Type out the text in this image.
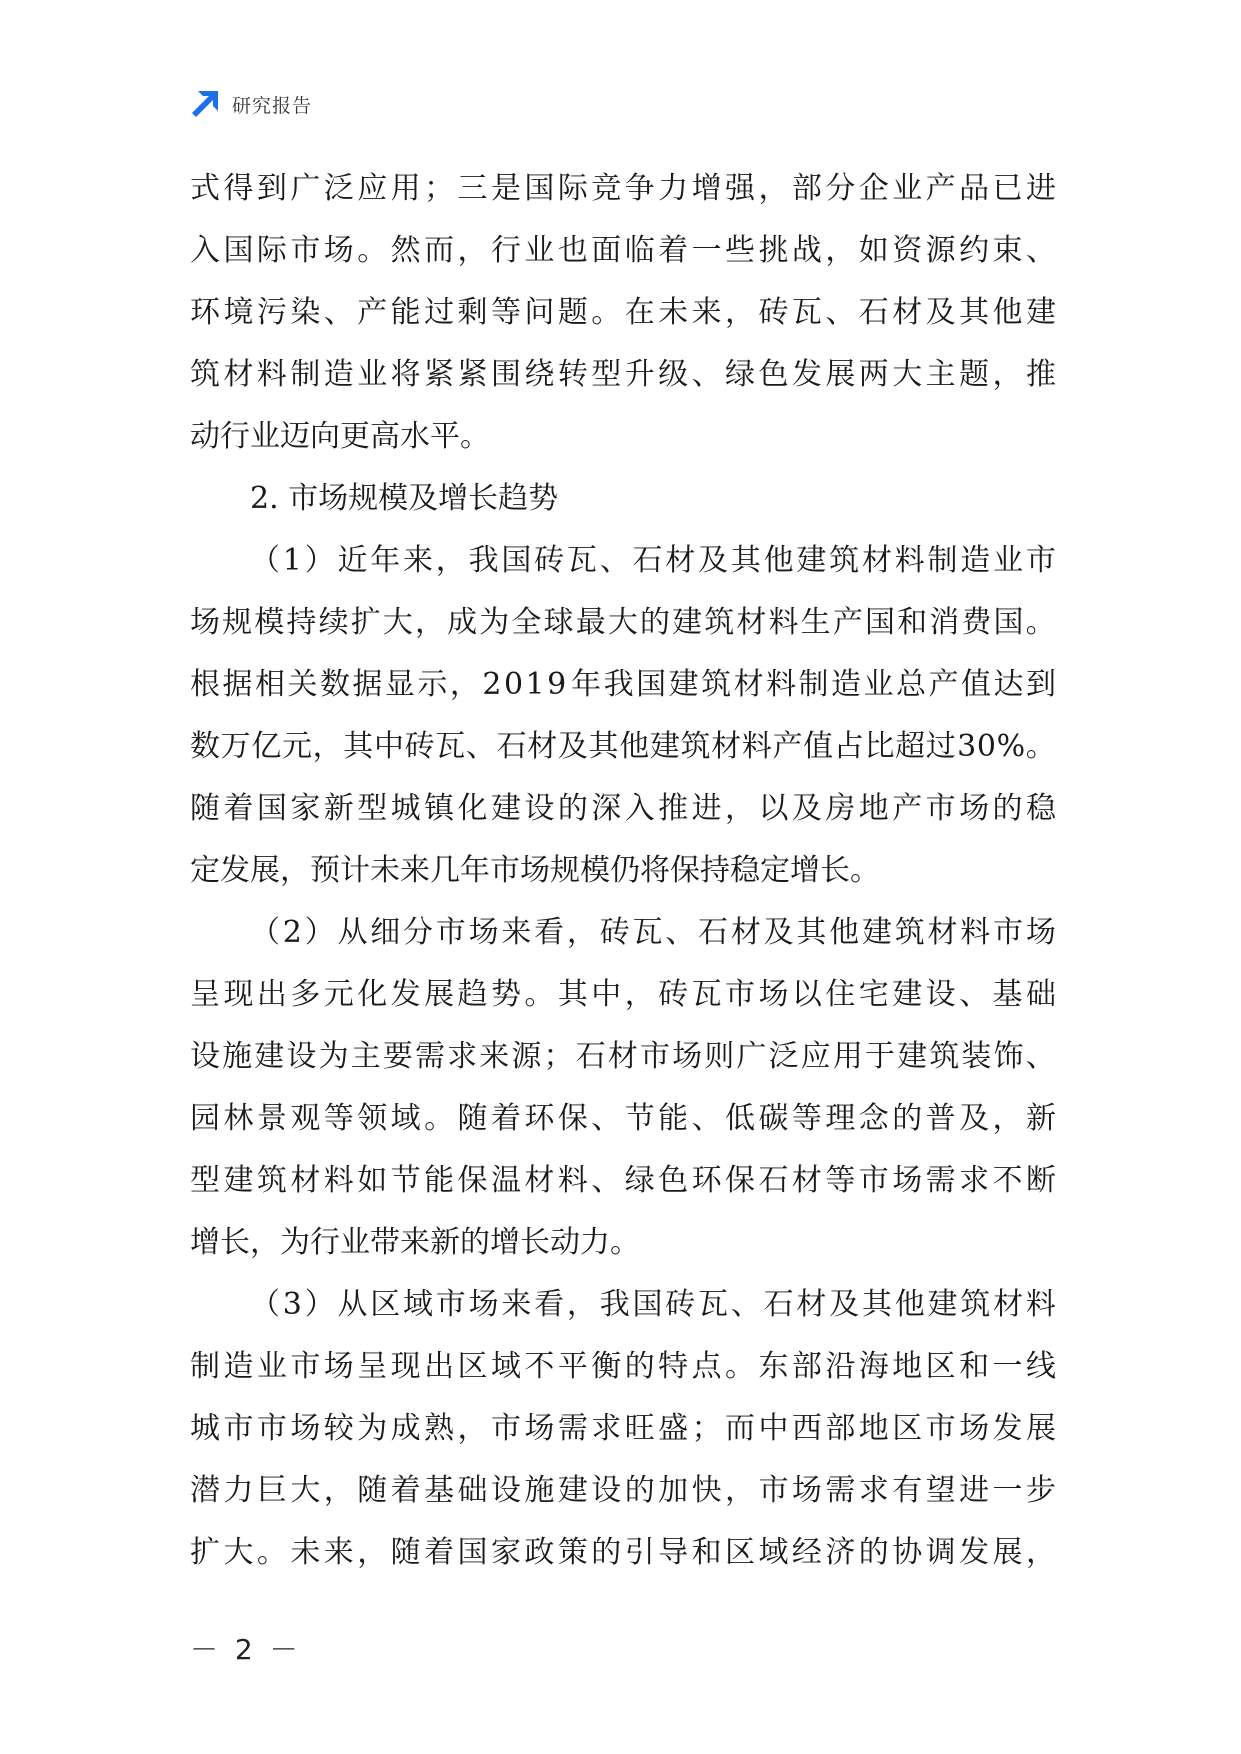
研究报告
式 得 到 广 泛 应 用 ； 三 是 国 际 竞 争 力 增 强 ， 部 分 企 业 产 品 已 进
入 国 际 市 场 。 然 而 ， 行 业 也 面 临 着 一 些 挑 战 ， 如 资 源 约 束 、
环 境 污 染 、 产 能 过 剩 等 问 题 。 在 未 来 ， 砖 瓦 、 石 材 及 其 他 建
筑 材 料 制 造 业 将 紧 紧 围 绕 转 型 升 级 、 绿 色 发 展 两 大 主 题 ， 推
动行业迈向更高水平。
2. 市场规模及增长趋势
（ 1 ） 近 年 来 ， 我 国 砖 瓦 、 石 材 及 其 他 建 筑 材 料 制 造 业 市
场 规 模 持 续 扩 大 ， 成 为 全 球 最 大 的 建 筑 材 料 生 产 国 和 消 费 国 。
根 据 相 关 数 据 显 示 ， 2 0 1 9 年 我 国 建 筑 材 料 制 造 业 总 产 值 达 到
数 万 亿 元 ， 其 中 砖 瓦 、 石 材 及 其 他 建 筑 材 料 产 值 占 比 超 过 3 0 % 。
随 着 国 家 新 型 城 镇 化 建 设 的 深 入 推 进 ， 以 及 房 地 产 市 场 的 稳
定发展，预计未来几年市场规模仍将保持稳定增长。
（ 2 ） 从 细 分 市 场 来 看 ， 砖 瓦 、 石 材 及 其 他 建 筑 材 料 市 场
呈 现 出 多 元 化 发 展 趋 势 。 其 中 ， 砖 瓦 市 场 以 住 宅 建 设 、 基 础
设 施 建 设 为 主 要 需 求 来 源 ； 石 材 市 场 则 广 泛 应 用 于 建 筑 装 饰 、
园 林 景 观 等 领 域 。 随 着 环 保 、 节 能 、 低 碳 等 理 念 的 普 及 ， 新
型 建 筑 材 料 如 节 能 保 温 材 料 、 绿 色 环 保 石 材 等 市 场 需 求 不 断
增长，为行业带来新的增长动力。
（ 3 ） 从 区 域 市 场 来 看 ， 我 国 砖 瓦 、 石 材 及 其 他 建 筑 材 料
制 造 业 市 场 呈 现 出 区 域 不 平 衡 的 特 点 。 东 部 沿 海 地 区 和 一 线
城 市 市 场 较 为 成 熟 ， 市 场 需 求 旺 盛 ； 而 中 西 部 地 区 市 场 发 展
潜 力 巨 大 ， 随 着 基 础 设 施 建 设 的 加 快 ， 市 场 需 求 有 望 进 一 步
扩 大 。 未 来 ， 随 着 国 家 政 策 的 引 导 和 区 域 经 济 的 协 调 发 展 ，
－ 2 －
